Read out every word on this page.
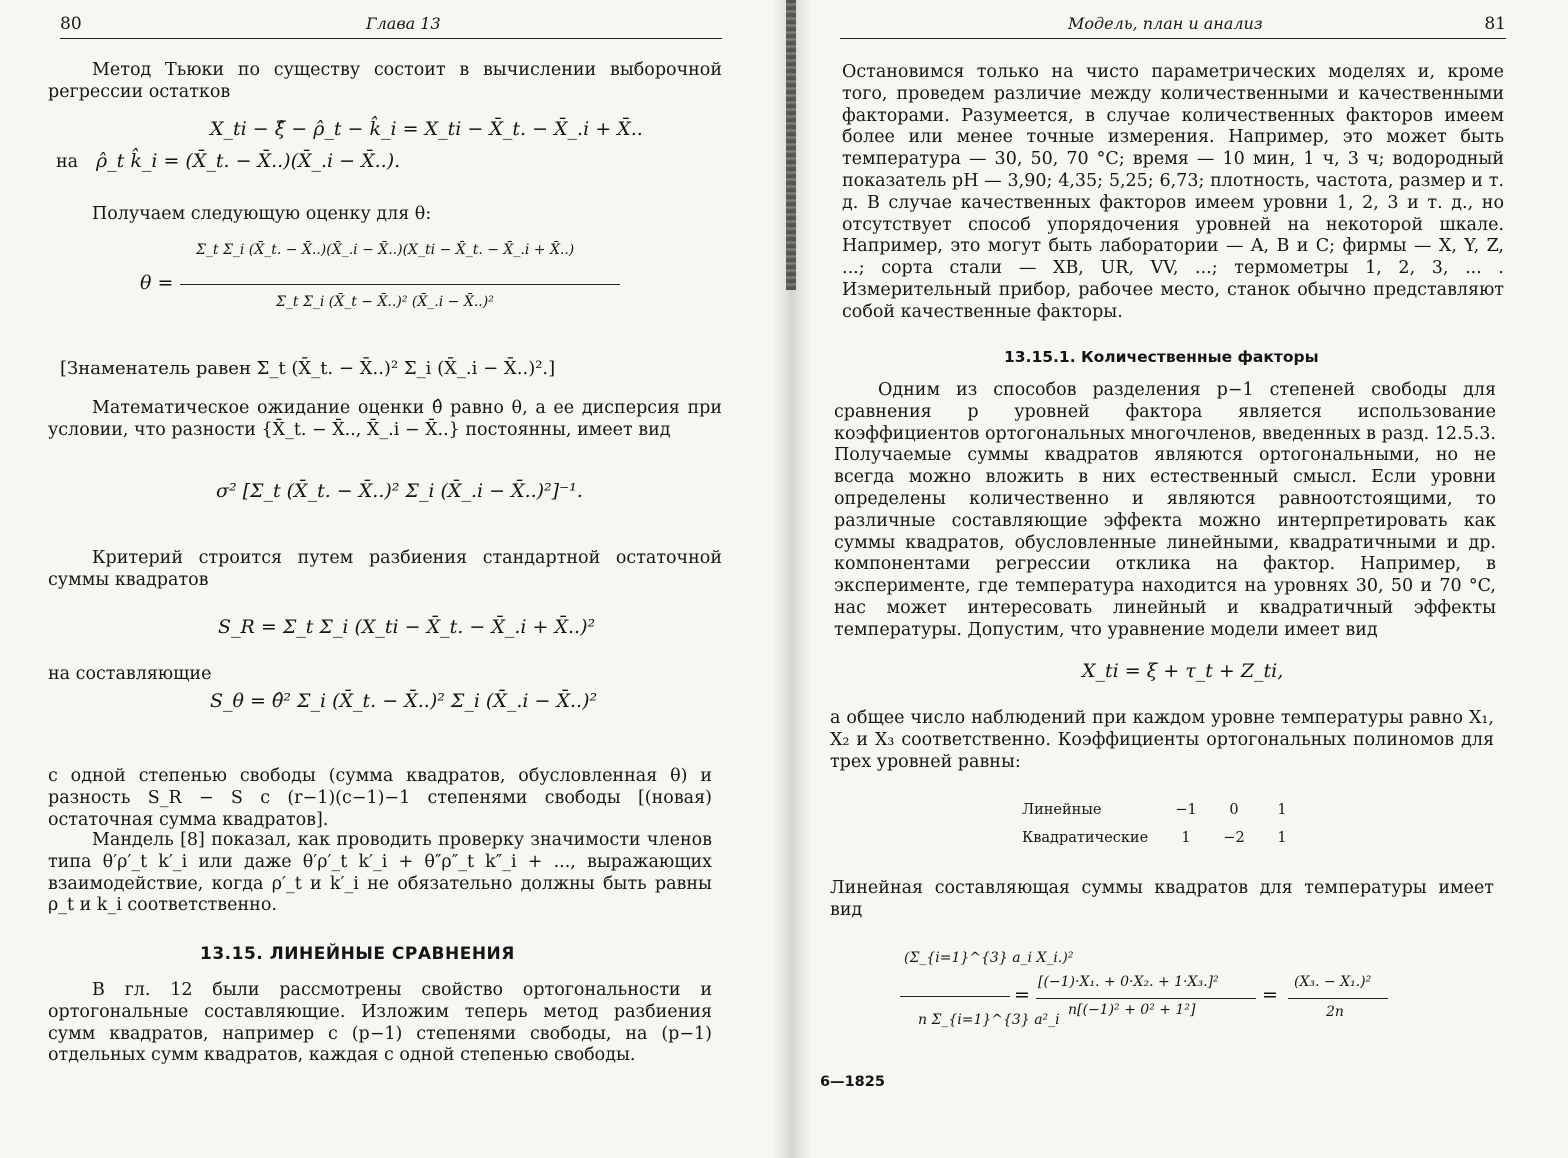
80	Глава 13

Метод Тьюки по существу состоит в вычислении выборочной регрессии остатков

X_ti − ξ̂ − ρ̂_t − k̂_i = X_ti − X̄_t. − X̄_.i + X̄..
на ρ̂_t k̂_i = (X̄_t. − X̄..)(X̄_.i − X̄..).

Получаем следующую оценку для θ:

θ =
Σ_t Σ_i (X̄_t. − X̄..)(X̄_.i − X̄..)(X_ti − X̄_t. − X̄_.i + X̄..)
Σ_t Σ_i (X̄_t − X̄..)² (X̄_.i − X̄..)²
[Знаменатель равен Σ_t (X̄_t. − X̄..)² Σ_i (X̄_.i − X̄..)².]

Математическое ожидание оценки θ̂ равно θ, а ее дисперсия при условии, что разности {X̄_t. − X̄.., X̄_.i − X̄..} постоянны, имеет вид

σ² [Σ_t (X̄_t. − X̄..)² Σ_i (X̄_.i − X̄..)²]⁻¹.

Критерий строится путем разбиения стандартной остаточной суммы квадратов

S_R = Σ_t Σ_i (X_ti − X̄_t. − X̄_.i + X̄..)²
на составляющие
S_θ = θ̂² Σ_i (X̄_t. − X̄..)² Σ_i (X̄_.i − X̄..)²

с одной степенью свободы (сумма квадратов, обусловленная θ) и разность S_R − S с (r−1)(c−1)−1 степенями свободы [(новая) остаточная сумма квадратов].

Мандель [8] показал, как проводить проверку значимости членов типа θ′ρ′_t k′_i или даже θ′ρ′_t k′_i + θ″ρ″_t k″_i + ..., выражающих взаимодействие, когда ρ′_t и k′_i не обязательно должны быть равны ρ_t и k_i соответственно.

13.15. ЛИНЕЙНЫЕ СРАВНЕНИЯ

В гл. 12 были рассмотрены свойство ортогональности и ортогональные составляющие. Изложим теперь метод разбиения сумм квадратов, например с (p−1) степенями свободы, на (p−1) отдельных сумм квадратов, каждая с одной степенью свободы.

Модель, план и анализ	81

Остановимся только на чисто параметрических моделях и, кроме того, проведем различие между количественными и качественными факторами. Разумеется, в случае количественных факторов имеем более или менее точные измерения. Например, это может быть температура — 30, 50, 70 °C; время — 10 мин, 1 ч, 3 ч; водородный показатель pH — 3,90; 4,35; 5,25; 6,73; плотность, частота, размер и т. д. В случае качественных факторов имеем уровни 1, 2, 3 и т. д., но отсутствует способ упорядочения уровней на некоторой шкале. Например, это могут быть лаборатории — A, B и C; фирмы — X, Y, Z, ...; сорта стали — XB, UR, VV, ...; термометры 1, 2, 3, ... . Измерительный прибор, рабочее место, станок обычно представляют собой качественные факторы.

13.15.1. Количественные факторы

Одним из способов разделения p−1 степеней свободы для сравнения p уровней фактора является использование коэффициентов ортогональных многочленов, введенных в разд. 12.5.3. Получаемые суммы квадратов являются ортогональными, но не всегда можно вложить в них естественный смысл. Если уровни определены количественно и являются равноотстоящими, то различные составляющие эффекта можно интерпретировать как суммы квадратов, обусловленные линейными, квадратичными и др. компонентами регрессии отклика на фактор. Например, в эксперименте, где температура находится на уровнях 30, 50 и 70 °C, нас может интересовать линейный и квадратичный эффекты температуры. Допустим, что уравнение модели имеет вид

X_ti = ξ + τ_t + Z_ti,

а общее число наблюдений при каждом уровне температуры равно X₁, X₂ и X₃ соответственно. Коэффициенты ортогональных полиномов для трех уровней равны:

Линейные	−1	0	1
Квадратические	1	−2	1

Линейная составляющая суммы квадратов для температуры имеет вид

(Σ_{i=1}^{3} a_i X_i.)²
n Σ_{i=1}^{3} a²_i
=
[(−1)·X₁. + 0·X₂. + 1·X₃.]²
n[(−1)² + 0² + 1²]
=
(X₃. − X₁.)²
2n
6—1825
